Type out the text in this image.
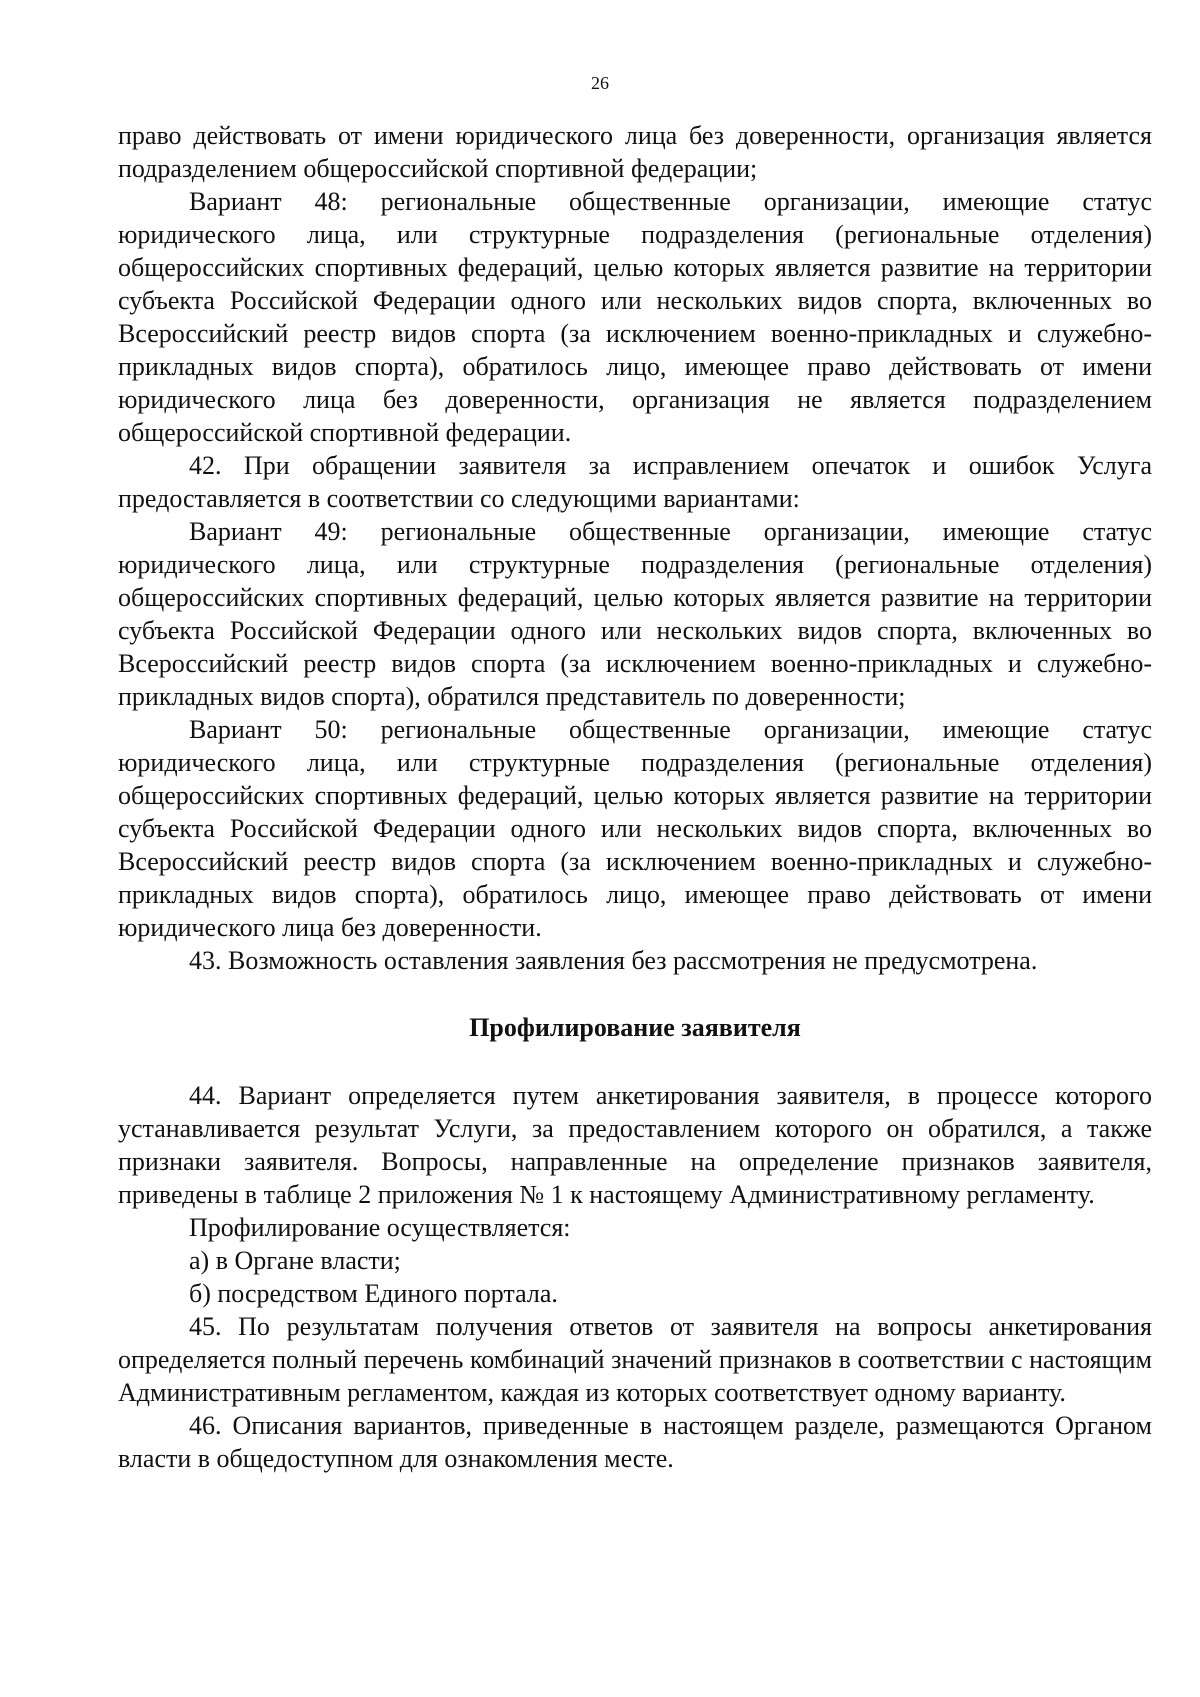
26

право действовать от имени юридического лица без доверенности, организация является подразделением общероссийской спортивной федерации;

Вариант 48: региональные общественные организации, имеющие статус юридического лица, или структурные подразделения (региональные отделения) общероссийских спортивных федераций, целью которых является развитие на территории субъекта Российской Федерации одного или нескольких видов спорта, включенных во Всероссийский реестр видов спорта (за исключением военно-прикладных и служебно-прикладных видов спорта), обратилось лицо, имеющее право действовать от имени юридического лица без доверенности, организация не является подразделением общероссийской спортивной федерации.

42. При обращении заявителя за исправлением опечаток и ошибок Услуга предоставляется в соответствии со следующими вариантами:

Вариант 49: региональные общественные организации, имеющие статус юридического лица, или структурные подразделения (региональные отделения) общероссийских спортивных федераций, целью которых является развитие на территории субъекта Российской Федерации одного или нескольких видов спорта, включенных во Всероссийский реестр видов спорта (за исключением военно-прикладных и служебно-прикладных видов спорта), обратился представитель по доверенности;

Вариант 50: региональные общественные организации, имеющие статус юридического лица, или структурные подразделения (региональные отделения) общероссийских спортивных федераций, целью которых является развитие на территории субъекта Российской Федерации одного или нескольких видов спорта, включенных во Всероссийский реестр видов спорта (за исключением военно-прикладных и служебно-прикладных видов спорта), обратилось лицо, имеющее право действовать от имени юридического лица без доверенности.

43. Возможность оставления заявления без рассмотрения не предусмотрена.

Профилирование заявителя

44. Вариант определяется путем анкетирования заявителя, в процессе которого устанавливается результат Услуги, за предоставлением которого он обратился, а также признаки заявителя. Вопросы, направленные на определение признаков заявителя, приведены в таблице 2 приложения № 1 к настоящему Административному регламенту.

Профилирование осуществляется:

а) в Органе власти;

б) посредством Единого портала.

45. По результатам получения ответов от заявителя на вопросы анкетирования определяется полный перечень комбинаций значений признаков в соответствии с настоящим Административным регламентом, каждая из которых соответствует одному варианту.

46. Описания вариантов, приведенные в настоящем разделе, размещаются Органом власти в общедоступном для ознакомления месте.
